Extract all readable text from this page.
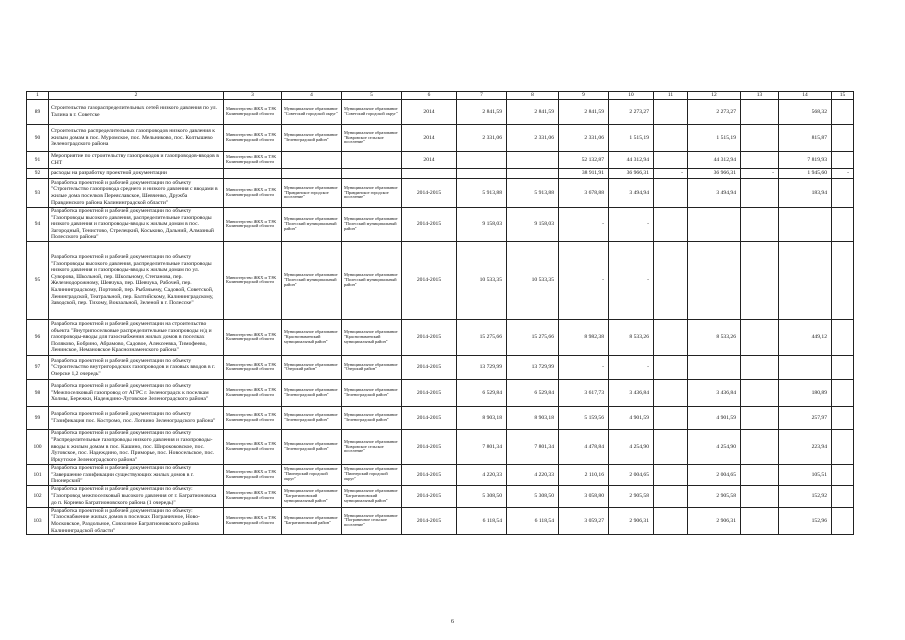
1	2	3	4	5	6	7	8	9	10	11	12	13	14	15
89	Строительство газораспределительных сетей низкого давления по ул. Талина в г. Советске	Министерство ЖКХ и ТЭК Калининградской области	Муниципальное образование "Советский городской округ"	Муниципальное образование "Советский городской округ"	2014	2 841,59	2 841,59	2 841,59	2 273,27		2 273,27		568,32	
90	Строительство распределительных газопроводов низкого давления к жилым домам в пос. Муромское, пос. Мельниково, пос. Колтышево Зеленоградского района	Министерство ЖКХ и ТЭК Калининградской области	Муниципальное образование "Зеленоградский район"	Муниципальное образование "Ковровское сельское поселение"	2014	2 331,06	2 331,06	2 331,06	1 515,19		1 515,19		815,87	
91	Мероприятие по строительству газопроводов и газопроводов-вводов в СНТ	Министерство ЖКХ и ТЭК Калининградской области			2014			52 132,87	44 312,94		44 312,94		7 819,93	
92	расходы на разработку проектной документации							38 911,91	36 966,31	-	36 966,31	-	1 945,60	-
93	Разработка проектной и рабочей документации по объекту "Строительство газопровода среднего и низкого давления с вводами в жилые дома поселков Переяславское, Шевченко, Дружба Правдинского района Калининградской области"	Министерство ЖКХ и ТЭК Калининградской области	Муниципальное образование "Правдинское городское поселение"	Муниципальное образование "Правдинское городское поселение"	2014-2015	5 913,88	5 913,88	3 678,88	3 494,94		3 494,94		183,94	
94	Разработка проектной и рабочей документации по объекту "Газопроводы высокого давления, распределительные газопроводы низкого давления и газопроводы-вводы к жилым домам в пос. Загородный, Тенистово, Стрелецкий, Коськово, Дальний, Алмазный Полесского района"	Министерство ЖКХ и ТЭК Калининградской области	Муниципальное образование "Полесский муниципальный район"	Муниципальное образование "Полесский муниципальный район"	2014-2015	9 158,03	9 158,03	-	-					
95	Разработка проектной и рабочей документации по объекту "Газопроводы высокого давления, распределительные газопроводы низкого давления и газопроводы-вводы к жилым домам по ул. Суворова, Школьной, пер. Школьному, Степанова, пер. Железнодорожному, Шевчука, пер. Шевчука, Рабочей, пер. Калининградскому, Портовой, пер. Рыбачьему, Садовой, Советской, Ленинградской, Театральной, пер. Балтийскому, Калининградскому, Заводской, пер. Тихому, Вокзальной, Зеленой в г. Полесске"	Министерство ЖКХ и ТЭК Калининградской области	Муниципальное образование "Полесский муниципальный район"	Муниципальное образование "Полесский муниципальный район"	2014-2015	10 533,35	10 533,35	-	-					
96	Разработка проектной и рабочей документации на строительство объекта "Внутрипоселковые распределительные газопроводы н/д и газопроводы-вводы для газоснабжения жилых домов в поселках Поляково, Бобрино, Абрамово, Садовое, Алексеевка, Тимофеево, Ленинское, Немановское Краснознаменского района"	Министерство ЖКХ и ТЭК Калининградской области	Муниципальное образование "Краснознаменский муниципальный район"	Муниципальное образование "Краснознаменский муниципальный район"	2014-2015	15 275,66	15 275,66	8 982,38	8 533,26		8 533,26		449,12	
97	Разработка проектной и рабочей документации по объекту "Строительство внутригородских газопроводов и газовых вводов в г. Озерске 1,2 очередь"	Министерство ЖКХ и ТЭК Калининградской области	Муниципальное образование "Озерский район"	Муниципальное образование "Озерский район"	2014-2015	13 729,99	13 729,99	-	-					
98	Разработка проектной и рабочей документации по объекту "Межпоселковый газопровод от АГРС г. Зеленоградск к поселкам Холмы, Бережки, Надеждино-Луговское Зеленоградского района"	Министерство ЖКХ и ТЭК Калининградской области	Муниципальное образование "Зеленоградский район"	Муниципальное образование "Зеленоградский район"	2014-2015	6 529,84	6 529,84	3 617,73	3 436,84		3 436,84		180,89	
99	Разработка проектной и рабочей документации по объекту "Газификация пос. Костромо, пос. Логвино Зеленоградского района"	Министерство ЖКХ и ТЭК Калининградской области	Муниципальное образование "Зеленоградский район"	Муниципальное образование "Зеленоградский район"	2014-2015	8 903,18	8 903,18	5 159,56	4 901,59		4 901,59		257,97	
100	Разработка проектной и рабочей документации по объекту "Распределительные газопроводы низкого давления и газопроводы-вводы к жилым домам в пос. Кашино, пос. Ширококовское, пос. Луговское, пос. Надеждино, пос. Приморье, пос. Новосельское, пос. Иркутское Зеленоградского района"	Министерство ЖКХ и ТЭК Калининградской области	Муниципальное образование "Зеленоградский район"	Муниципальное образование "Ковровское сельское поселение"	2014-2015	7 801,34	7 801,34	4 478,84	4 254,90		4 254,90		223,94	
101	Разработка проектной и рабочей документации по объекту "Завершение газификации существующих жилых домов в г. Пионерский"	Министерство ЖКХ и ТЭК Калининградской области	Муниципальное образование "Пионерский городской округ"	Муниципальное образование "Пионерский городской округ"	2014-2015	4 220,33	4 220,33	2 110,16	2 004,65		2 004,65		105,51	
102	Разработка проектной и рабочей документации по объекту: "Газопровод межпоселковый высокого давления от г. Багратионовска до п. Корнево Багратионовского района (1 очередь)"	Министерство ЖКХ и ТЭК Калининградской области	Муниципальное образование "Багратионовский муниципальный район"	Муниципальное образование "Багратионовский муниципальный район"	2014-2015	5 308,50	5 308,50	3 058,80	2 905,58		2 905,58		152,92	
103	Разработка проектной и рабочей документации по объекту: "Газоснабжение жилых домов в поселках Пограничное, Ново-Московское, Раздольное, Совхозное Багратионовского района Калининградской области"	Министерство ЖКХ и ТЭК Калининградской области	Муниципальное образование "Багратионовский район"	Муниципальное образование "Пограничное сельское поселение"	2014-2015	6 118,54	6 118,54	3 059,27	2 906,31		2 906,31		152,96	
6
